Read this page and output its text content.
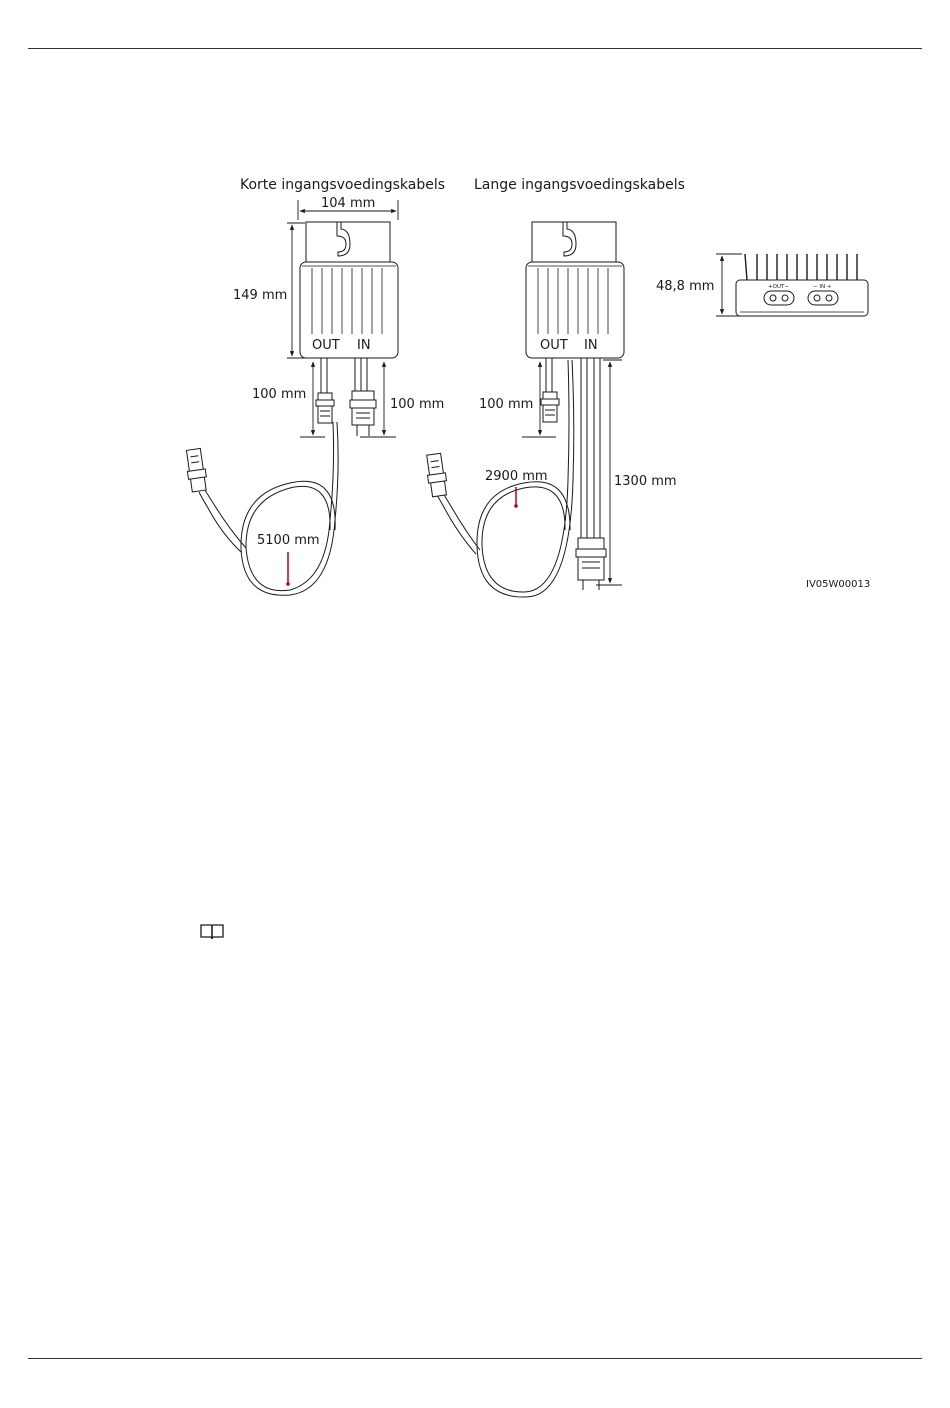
Korte ingangsvoedingskabels Lange ingangsvoedingskabels
OUT IN
104 mm
149 mm
100 mm
100 mm
5100 mm
OUT IN
100 mm
2900 mm	1300 mm
+OUT−	− IN +
48,8 mm
IV05W00013
